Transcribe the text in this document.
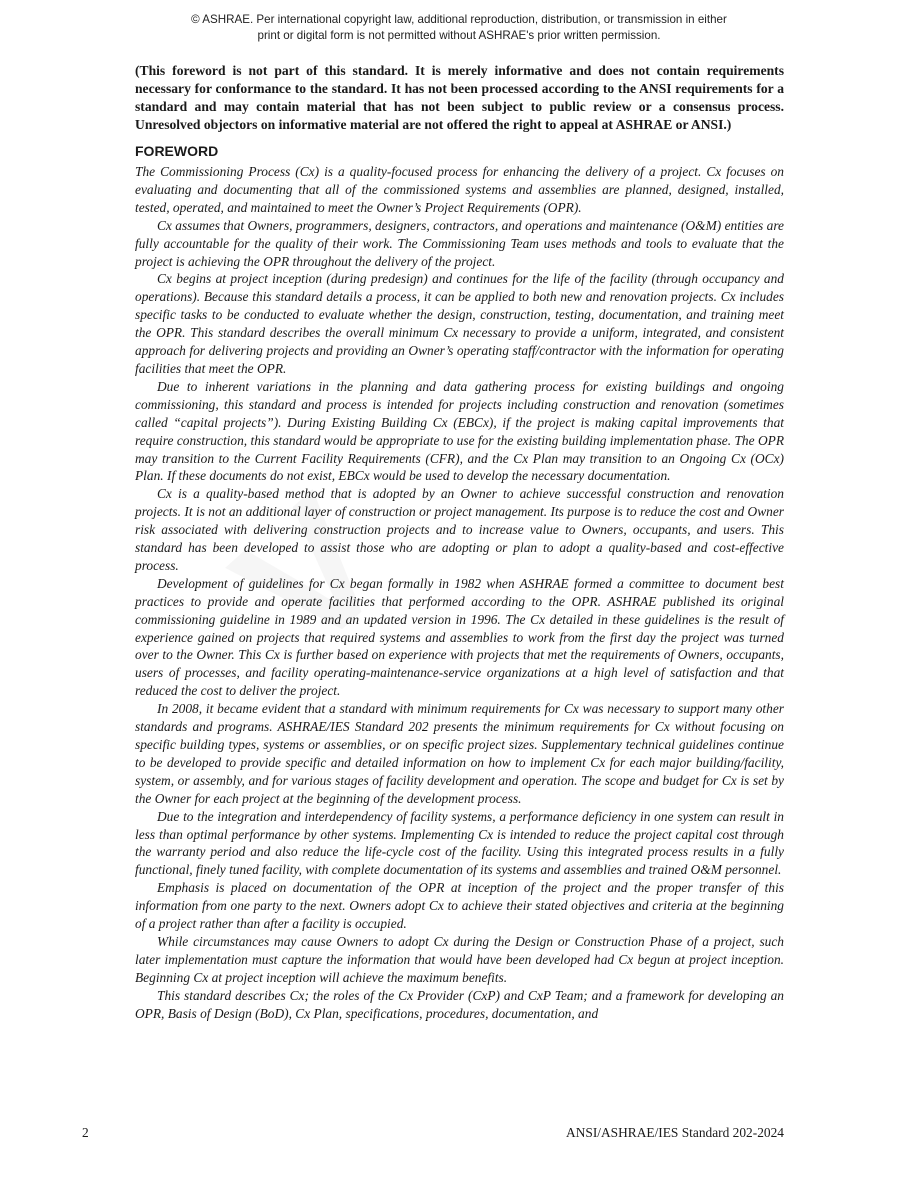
© ASHRAE. Per international copyright law, additional reproduction, distribution, or transmission in either
print or digital form is not permitted without ASHRAE's prior written permission.

(This foreword is not part of this standard. It is merely informative and does not contain requirements necessary for conformance to the standard. It has not been processed according to the ANSI requirements for a standard and may contain material that has not been subject to public review or a consensus process. Unresolved objectors on informative material are not offered the right to appeal at ASHRAE or ANSI.)

FOREWORD

The Commissioning Process (Cx) is a quality-focused process for enhancing the delivery of a project. Cx focuses on evaluating and documenting that all of the commissioned systems and assemblies are planned, designed, installed, tested, operated, and maintained to meet the Owner’s Project Requirements (OPR).

Cx assumes that Owners, programmers, designers, contractors, and operations and maintenance (O&M) entities are fully accountable for the quality of their work. The Commissioning Team uses methods and tools to evaluate that the project is achieving the OPR throughout the delivery of the project.

Cx begins at project inception (during predesign) and continues for the life of the facility (through occupancy and operations). Because this standard details a process, it can be applied to both new and renovation projects. Cx includes specific tasks to be conducted to evaluate whether the design, construction, testing, documentation, and training meet the OPR. This standard describes the overall minimum Cx necessary to provide a uniform, integrated, and consistent approach for delivering projects and providing an Owner’s operating staff/contractor with the information for operating facilities that meet the OPR.

Due to inherent variations in the planning and data gathering process for existing buildings and ongoing commissioning, this standard and process is intended for projects including construction and renovation (sometimes called “capital projects”). During Existing Building Cx (EBCx), if the project is making capital improvements that require construction, this standard would be appropriate to use for the existing building implementation phase. The OPR may transition to the Current Facility Requirements (CFR), and the Cx Plan may transition to an Ongoing Cx (OCx) Plan. If these documents do not exist, EBCx would be used to develop the necessary documentation.

Cx is a quality-based method that is adopted by an Owner to achieve successful construction and renovation projects. It is not an additional layer of construction or project management. Its purpose is to reduce the cost and Owner risk associated with delivering construction projects and to increase value to Owners, occupants, and users. This standard has been developed to assist those who are adopting or plan to adopt a quality-based and cost-effective process.

Development of guidelines for Cx began formally in 1982 when ASHRAE formed a committee to document best practices to provide and operate facilities that performed according to the OPR. ASHRAE published its original commissioning guideline in 1989 and an updated version in 1996. The Cx detailed in these guidelines is the result of experience gained on projects that required systems and assemblies to work from the first day the project was turned over to the Owner. This Cx is further based on experience with projects that met the requirements of Owners, occupants, users of processes, and facility operating-maintenance-service organizations at a high level of satisfaction and that reduced the cost to deliver the project.

In 2008, it became evident that a standard with minimum requirements for Cx was necessary to support many other standards and programs. ASHRAE/IES Standard 202 presents the minimum requirements for Cx without focusing on specific building types, systems or assemblies, or on specific project sizes. Supplementary technical guidelines continue to be developed to provide specific and detailed information on how to implement Cx for each major building/facility, system, or assembly, and for various stages of facility development and operation. The scope and budget for Cx is set by the Owner for each project at the beginning of the development process.

Due to the integration and interdependency of facility systems, a performance deficiency in one system can result in less than optimal performance by other systems. Implementing Cx is intended to reduce the project capital cost through the warranty period and also reduce the life-cycle cost of the facility. Using this integrated process results in a fully functional, finely tuned facility, with complete documentation of its systems and assemblies and trained O&M personnel.

Emphasis is placed on documentation of the OPR at inception of the project and the proper transfer of this information from one party to the next. Owners adopt Cx to achieve their stated objectives and criteria at the beginning of a project rather than after a facility is occupied.

While circumstances may cause Owners to adopt Cx during the Design or Construction Phase of a project, such later implementation must capture the information that would have been developed had Cx begun at project inception. Beginning Cx at project inception will achieve the maximum benefits.

This standard describes Cx; the roles of the Cx Provider (CxP) and CxP Team; and a framework for developing an OPR, Basis of Design (BoD), Cx Plan, specifications, procedures, documentation, and

2	ANSI/ASHRAE/IES Standard 202-2024
